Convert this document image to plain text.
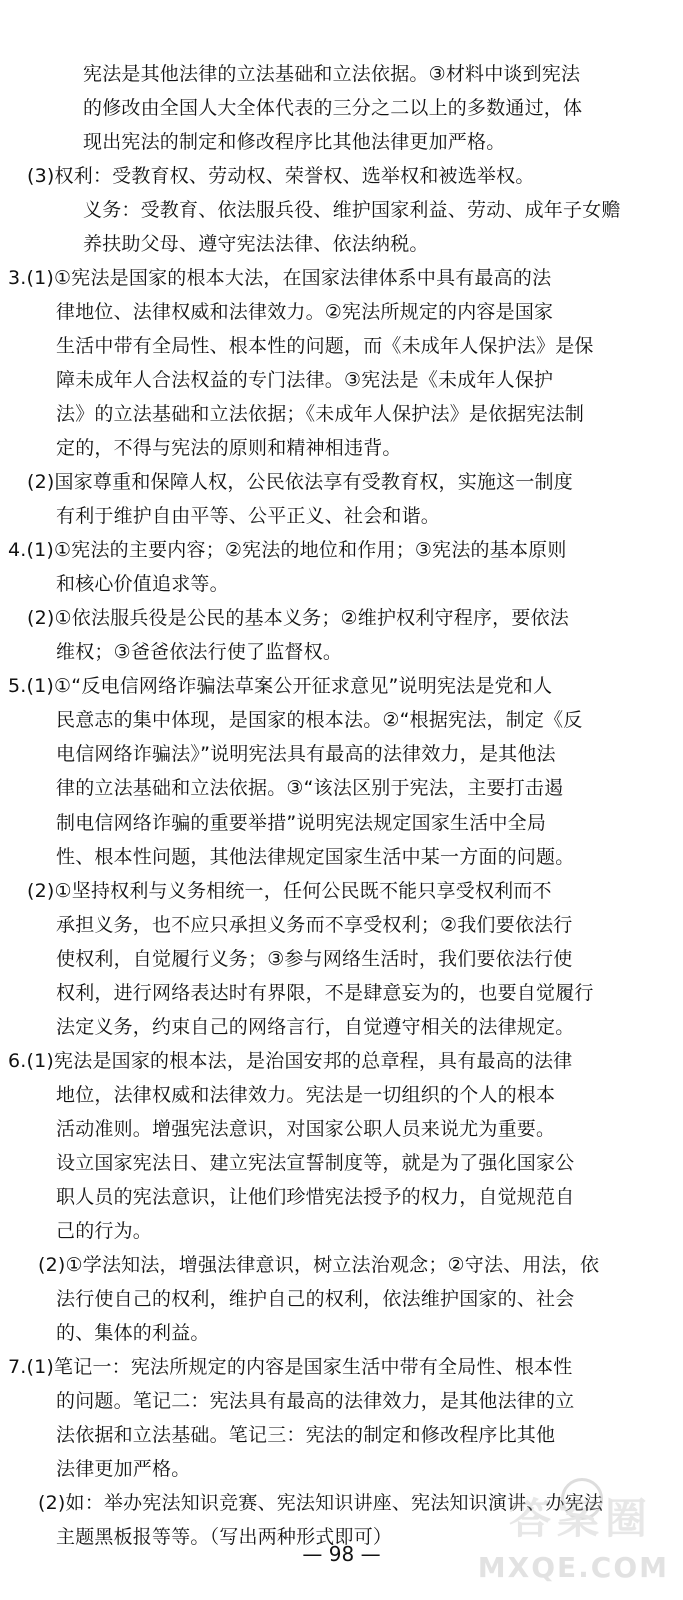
宪法是其他法律的立法基础和立法依据。③材料中谈到宪法
的修改由全国人大全体代表的三分之二以上的多数通过，体
现出宪法的制定和修改程序比其他法律更加严格。
(3)权利：受教育权、劳动权、荣誉权、选举权和被选举权。
义务：受教育、依法服兵役、维护国家利益、劳动、成年子女赡
养扶助父母、遵守宪法法律、依法纳税。
3.(1)①宪法是国家的根本大法，在国家法律体系中具有最高的法
律地位、法律权威和法律效力。②宪法所规定的内容是国家
生活中带有全局性、根本性的问题，而《未成年人保护法》是保
障未成年人合法权益的专门法律。③宪法是《未成年人保护
法》的立法基础和立法依据；《未成年人保护法》是依据宪法制
定的，不得与宪法的原则和精神相违背。
(2)国家尊重和保障人权，公民依法享有受教育权，实施这一制度
有利于维护自由平等、公平正义、社会和谐。
4.(1)①宪法的主要内容；②宪法的地位和作用；③宪法的基本原则
和核心价值追求等。
(2)①依法服兵役是公民的基本义务；②维护权利守程序，要依法
维权；③爸爸依法行使了监督权。
5.(1)①“反电信网络诈骗法草案公开征求意见”说明宪法是党和人
民意志的集中体现，是国家的根本法。②“根据宪法，制定《反
电信网络诈骗法》”说明宪法具有最高的法律效力，是其他法
律的立法基础和立法依据。③“该法区别于宪法，主要打击遏
制电信网络诈骗的重要举措”说明宪法规定国家生活中全局
性、根本性问题，其他法律规定国家生活中某一方面的问题。
(2)①坚持权利与义务相统一，任何公民既不能只享受权利而不
承担义务，也不应只承担义务而不享受权利；②我们要依法行
使权利，自觉履行义务；③参与网络生活时，我们要依法行使
权利，进行网络表达时有界限，不是肆意妄为的，也要自觉履行
法定义务，约束自己的网络言行，自觉遵守相关的法律规定。
6.(1)宪法是国家的根本法，是治国安邦的总章程，具有最高的法律
地位，法律权威和法律效力。宪法是一切组织的个人的根本
活动准则。增强宪法意识，对国家公职人员来说尤为重要。
设立国家宪法日、建立宪法宣誓制度等，就是为了强化国家公
职人员的宪法意识，让他们珍惜宪法授予的权力，自觉规范自
己的行为。
(2)①学法知法，增强法律意识，树立法治观念；②守法、用法，依
法行使自己的权利，维护自己的权利，依法维护国家的、社会
的、集体的利益。
7.(1)笔记一：宪法所规定的内容是国家生活中带有全局性、根本性
的问题。笔记二：宪法具有最高的法律效力，是其他法律的立
法依据和立法基础。笔记三：宪法的制定和修改程序比其他
法律更加严格。
(2)如：举办宪法知识竞赛、宪法知识讲座、宪法知识演讲、办宪法
主题黑板报等等。（写出两种形式即可）
— 98 —
答案圈
MXQE.COM
